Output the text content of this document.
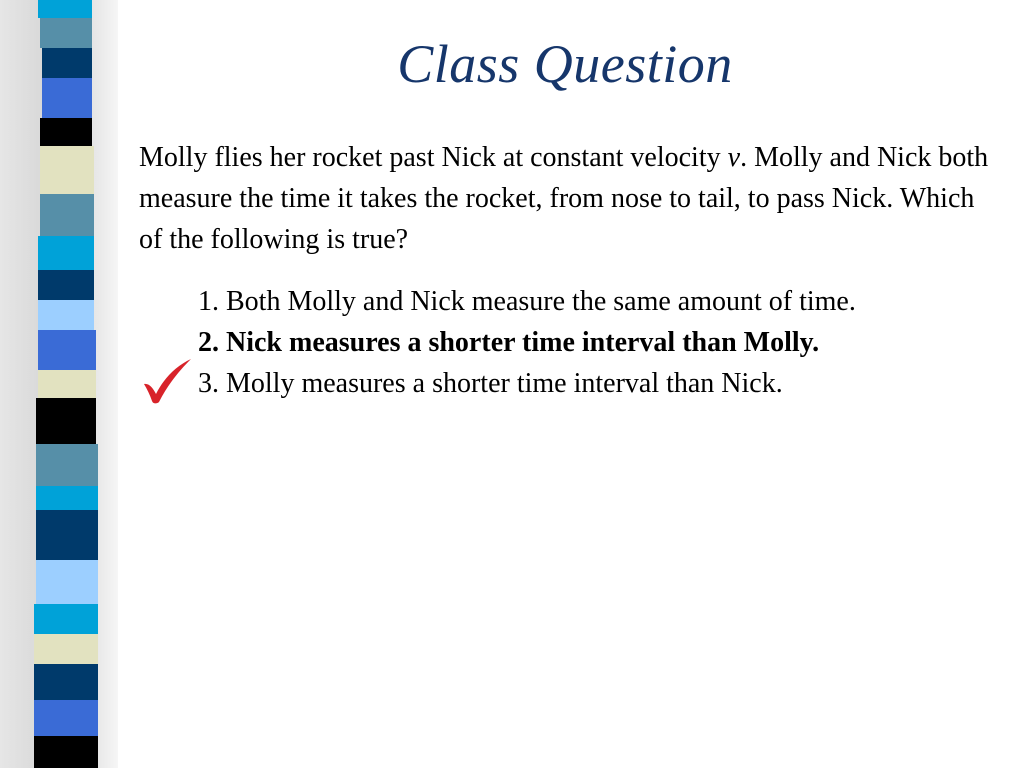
Class Question

Molly flies her rocket past Nick at constant velocity v. Molly and Nick both measure the time it takes the rocket, from nose to tail, to pass Nick. Which of the following is true?

1. Both Molly and Nick measure the same amount of time.

2. Nick measures a shorter time interval than Molly.

3. Molly measures a shorter time interval than Nick.
